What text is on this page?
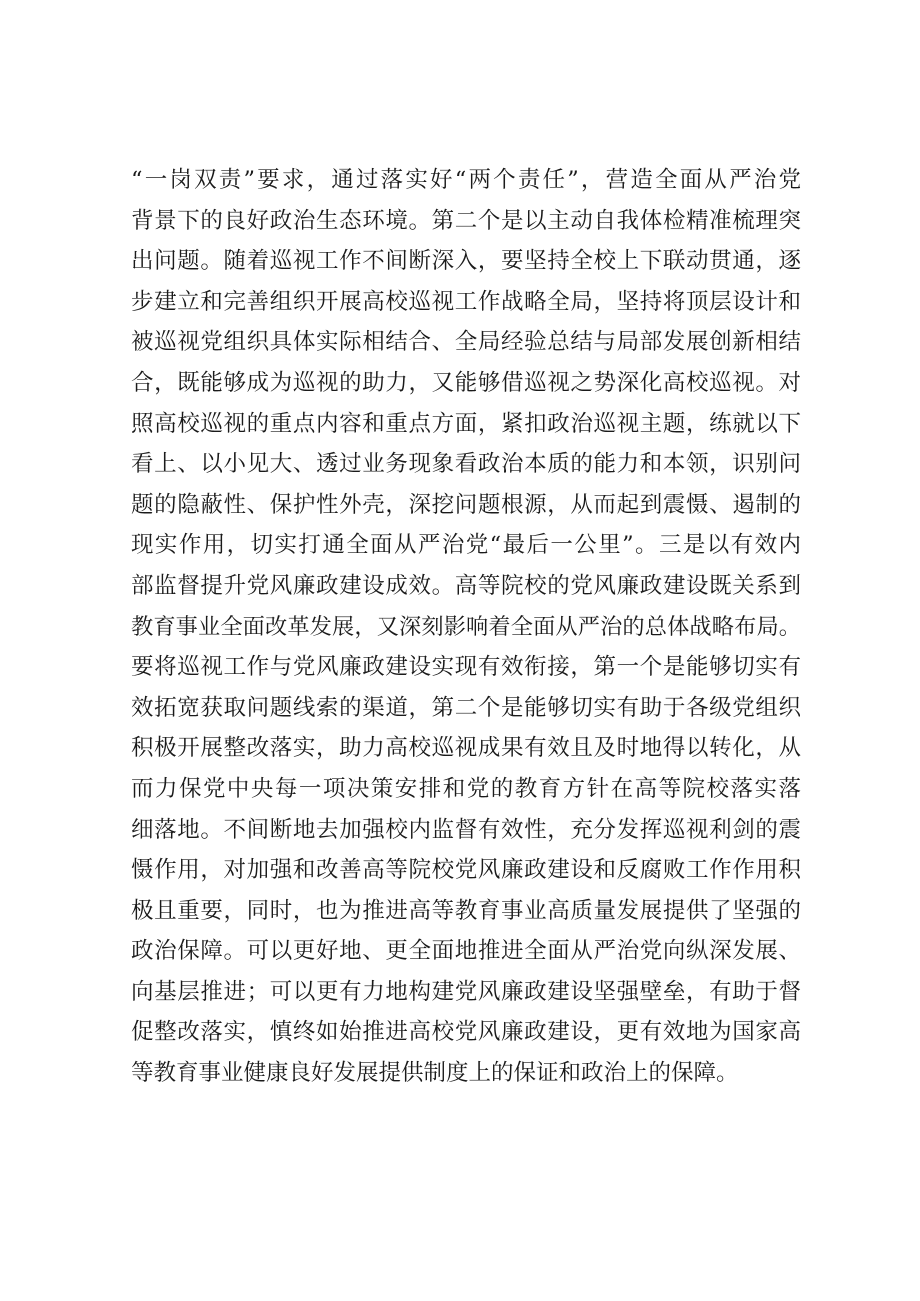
“一岗双责”要求，通过落实好“两个责任”，营造全面从严治党
背景下的良好政治生态环境。第二个是以主动自我体检精准梳理突
出问题。随着巡视工作不间断深入，要坚持全校上下联动贯通，逐
步建立和完善组织开展高校巡视工作战略全局，坚持将顶层设计和
被巡视党组织具体实际相结合、全局经验总结与局部发展创新相结
合，既能够成为巡视的助力，又能够借巡视之势深化高校巡视。对
照高校巡视的重点内容和重点方面，紧扣政治巡视主题，练就以下
看上、以小见大、透过业务现象看政治本质的能力和本领，识别问
题的隐蔽性、保护性外壳，深挖问题根源，从而起到震慑、遏制的
现实作用，切实打通全面从严治党“最后一公里”。三是以有效内
部监督提升党风廉政建设成效。高等院校的党风廉政建设既关系到
教育事业全面改革发展，又深刻影响着全面从严治的总体战略布局。
要将巡视工作与党风廉政建设实现有效衔接，第一个是能够切实有
效拓宽获取问题线索的渠道，第二个是能够切实有助于各级党组织
积极开展整改落实，助力高校巡视成果有效且及时地得以转化，从
而力保党中央每一项决策安排和党的教育方针在高等院校落实落
细落地。不间断地去加强校内监督有效性，充分发挥巡视利剑的震
慑作用，对加强和改善高等院校党风廉政建设和反腐败工作作用积
极且重要，同时，也为推进高等教育事业高质量发展提供了坚强的
政治保障。可以更好地、更全面地推进全面从严治党向纵深发展、
向基层推进；可以更有力地构建党风廉政建设坚强壁垒，有助于督
促整改落实，慎终如始推进高校党风廉政建设，更有效地为国家高
等教育事业健康良好发展提供制度上的保证和政治上的保障。
